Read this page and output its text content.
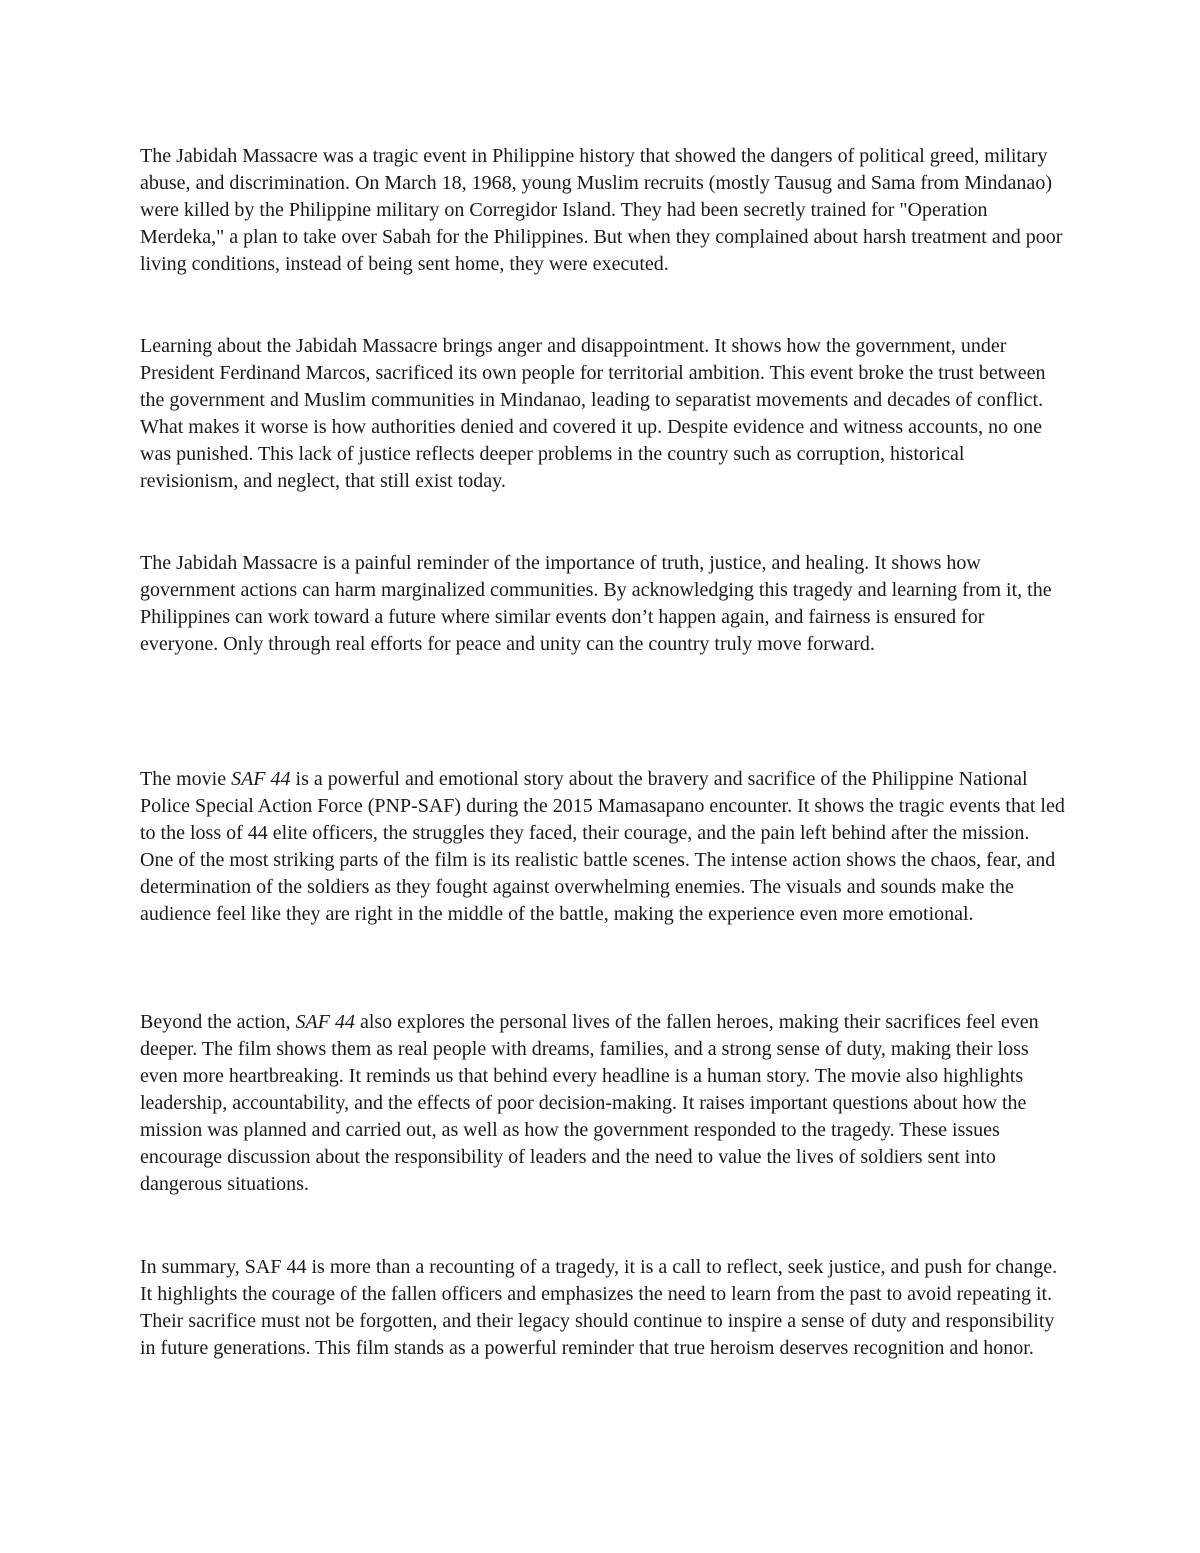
The Jabidah Massacre was a tragic event in Philippine history that showed the dangers of political greed, military abuse, and discrimination. On March 18, 1968, young Muslim recruits (mostly Tausug and Sama from Mindanao) were killed by the Philippine military on Corregidor Island. They had been secretly trained for "Operation Merdeka," a plan to take over Sabah for the Philippines. But when they complained about harsh treatment and poor living conditions, instead of being sent home, they were executed.

Learning about the Jabidah Massacre brings anger and disappointment. It shows how the government, under President Ferdinand Marcos, sacrificed its own people for territorial ambition. This event broke the trust between the government and Muslim communities in Mindanao, leading to separatist movements and decades of conflict. What makes it worse is how authorities denied and covered it up. Despite evidence and witness accounts, no one was punished. This lack of justice reflects deeper problems in the country such as corruption, historical revisionism, and neglect, that still exist today.

The Jabidah Massacre is a painful reminder of the importance of truth, justice, and healing. It shows how government actions can harm marginalized communities. By acknowledging this tragedy and learning from it, the Philippines can work toward a future where similar events don’t happen again, and fairness is ensured for everyone. Only through real efforts for peace and unity can the country truly move forward.

The movie SAF 44 is a powerful and emotional story about the bravery and sacrifice of the Philippine National Police Special Action Force (PNP-SAF) during the 2015 Mamasapano encounter. It shows the tragic events that led to the loss of 44 elite officers, the struggles they faced, their courage, and the pain left behind after the mission. One of the most striking parts of the film is its realistic battle scenes. The intense action shows the chaos, fear, and determination of the soldiers as they fought against overwhelming enemies. The visuals and sounds make the audience feel like they are right in the middle of the battle, making the experience even more emotional.

Beyond the action, SAF 44 also explores the personal lives of the fallen heroes, making their sacrifices feel even deeper. The film shows them as real people with dreams, families, and a strong sense of duty, making their loss even more heartbreaking. It reminds us that behind every headline is a human story. The movie also highlights leadership, accountability, and the effects of poor decision-making. It raises important questions about how the mission was planned and carried out, as well as how the government responded to the tragedy. These issues encourage discussion about the responsibility of leaders and the need to value the lives of soldiers sent into dangerous situations.

In summary, SAF 44 is more than a recounting of a tragedy, it is a call to reflect, seek justice, and push for change. It highlights the courage of the fallen officers and emphasizes the need to learn from the past to avoid repeating it. Their sacrifice must not be forgotten, and their legacy should continue to inspire a sense of duty and responsibility in future generations. This film stands as a powerful reminder that true heroism deserves recognition and honor.
